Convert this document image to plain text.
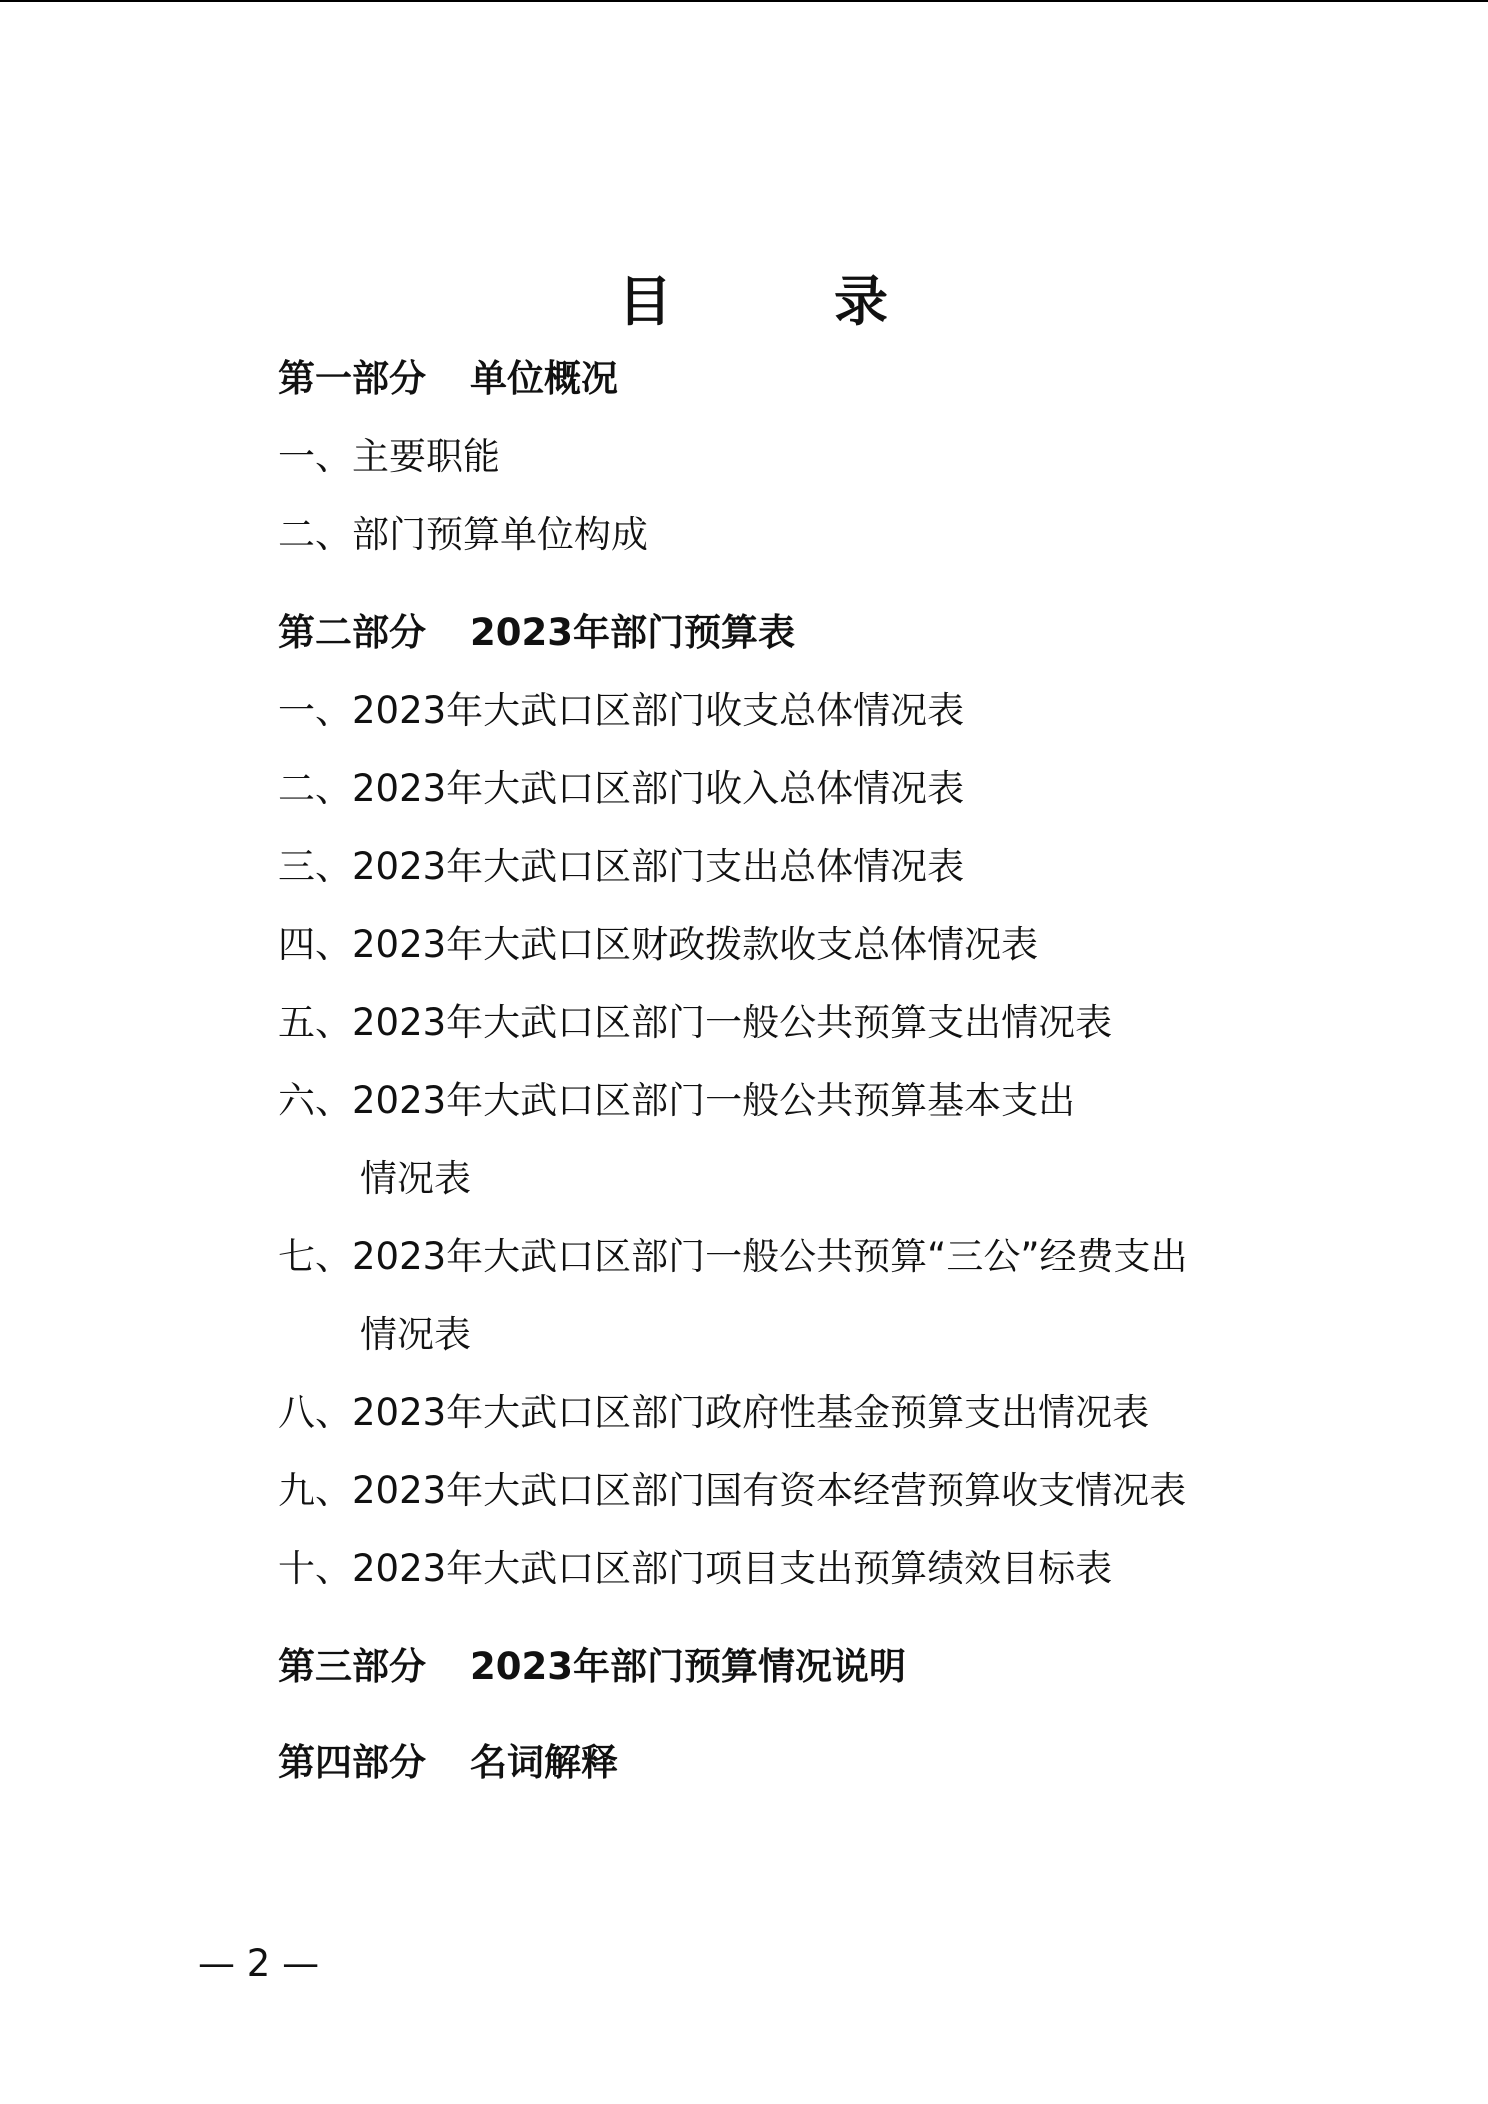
目	录
第一部分 单位概况
一、主要职能
二、部门预算单位构成
第二部分 2023年部门预算表
一、2023年大武口区部门收支总体情况表
二、2023年大武口区部门收入总体情况表
三、2023年大武口区部门支出总体情况表
四、2023年大武口区财政拨款收支总体情况表
五、2023年大武口区部门一般公共预算支出情况表
六、2023年大武口区部门一般公共预算基本支出
情况表
七、2023年大武口区部门一般公共预算“三公”经费支出
情况表
八、2023年大武口区部门政府性基金预算支出情况表
九、2023年大武口区部门国有资本经营预算收支情况表
十、2023年大武口区部门项目支出预算绩效目标表
第三部分 2023年部门预算情况说明
第四部分 名词解释
— 2 —
